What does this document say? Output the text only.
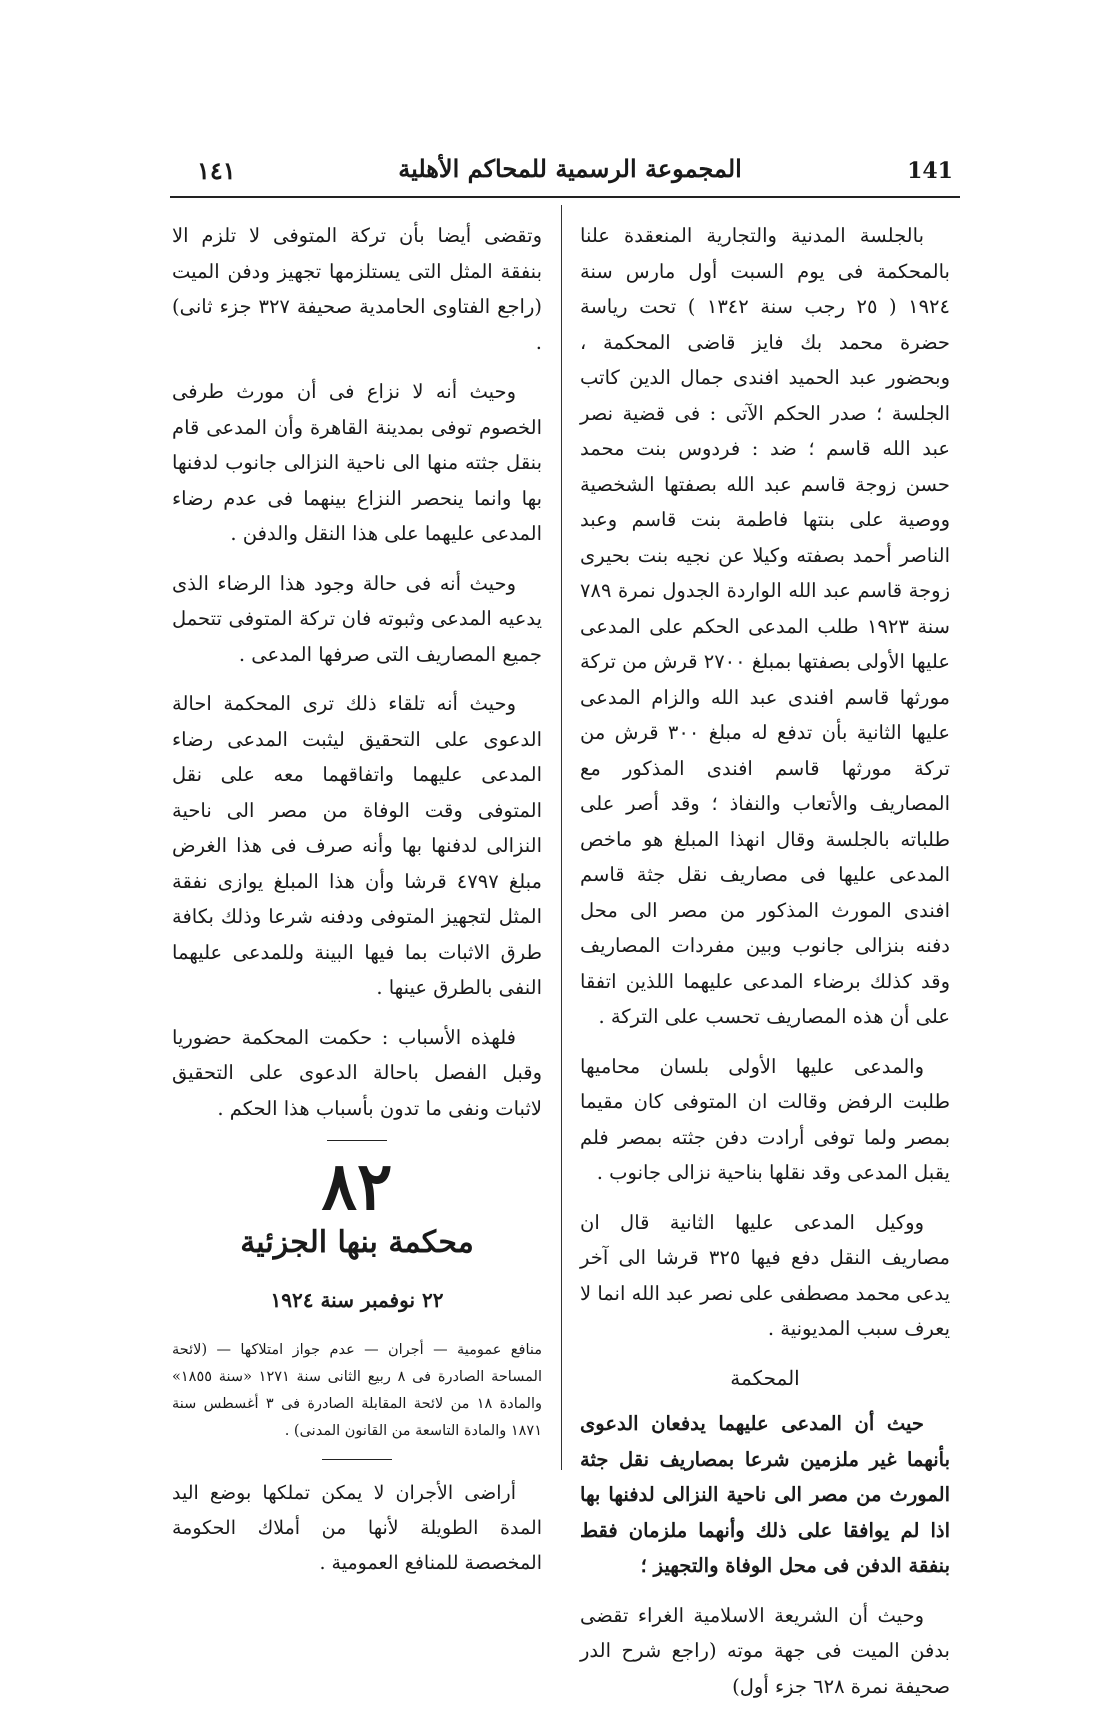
١٤١	المجموعة الرسمية للمحاكم الأهلية	141

بالجلسة المدنية والتجارية المنعقدة علنا بالمحكمة فى يوم السبت أول مارس سنة ١٩٢٤ ( ٢٥ رجب سنة ١٣٤٢ ) تحت رياسة حضرة محمد بك فايز قاضى المحكمة ، وبحضور عبد الحميد افندى جمال الدين كاتب الجلسة ؛ صدر الحكم الآتى : فى قضية نصر عبد الله قاسم ؛ ضد : فردوس بنت محمد حسن زوجة قاسم عبد الله بصفتها الشخصية ووصية على بنتها فاطمة بنت قاسم وعبد الناصر أحمد بصفته وكيلا عن نجيه بنت بحيرى زوجة قاسم عبد الله الواردة الجدول نمرة ٧٨٩ سنة ١٩٢٣ طلب المدعى الحكم على المدعى عليها الأولى بصفتها بمبلغ ٢٧٠٠ قرش من تركة مورثها قاسم افندى عبد الله والزام المدعى عليها الثانية بأن تدفع له مبلغ ٣٠٠ قرش من تركة مورثها قاسم افندى المذكور مع المصاريف والأتعاب والنفاذ ؛ وقد أصر على طلباته بالجلسة وقال انهذا المبلغ هو ماخص المدعى عليها فى مصاريف نقل جثة قاسم افندى المورث المذكور من مصر الى محل دفنه بنزالى جانوب وبين مفردات المصاريف وقد كذلك برضاء المدعى عليهما اللذين اتفقا على أن هذه المصاريف تحسب على التركة .

والمدعى عليها الأولى بلسان محاميها طلبت الرفض وقالت ان المتوفى كان مقيما بمصر ولما توفى أرادت دفن جثته بمصر فلم يقبل المدعى وقد نقلها بناحية نزالى جانوب .

ووكيل المدعى عليها الثانية قال ان مصاريف النقل دفع فيها ٣٢٥ قرشا الى آخر يدعى محمد مصطفى على نصر عبد الله انما لا يعرف سبب المديونية .

المحكمة

حيث أن المدعى عليهما يدفعان الدعوى بأنهما غير ملزمين شرعا بمصاريف نقل جثة المورث من مصر الى ناحية النزالى لدفنها بها اذا لم يوافقا على ذلك وأنهما ملزمان فقط بنفقة الدفن فى محل الوفاة والتجهيز ؛

وحيث أن الشريعة الاسلامية الغراء تقضى بدفن الميت فى جهة موته (راجع شرح الدر صحيفة نمرة ٦٢٨ جزء أول)

وتقضى أيضا بأن تركة المتوفى لا تلزم الا بنفقة المثل التى يستلزمها تجهيز ودفن الميت (راجع الفتاوى الحامدية صحيفة ٣٢٧ جزء ثانى) .

وحيث أنه لا نزاع فى أن مورث طرفى الخصوم توفى بمدينة القاهرة وأن المدعى قام بنقل جثته منها الى ناحية النزالى جانوب لدفنها بها وانما ينحصر النزاع بينهما فى عدم رضاء المدعى عليهما على هذا النقل والدفن .

وحيث أنه فى حالة وجود هذا الرضاء الذى يدعيه المدعى وثبوته فان تركة المتوفى تتحمل جميع المصاريف التى صرفها المدعى .

وحيث أنه تلقاء ذلك ترى المحكمة احالة الدعوى على التحقيق ليثبت المدعى رضاء المدعى عليهما واتفاقهما معه على نقل المتوفى وقت الوفاة من مصر الى ناحية النزالى لدفنها بها وأنه صرف فى هذا الغرض مبلغ ٤٧٩٧ قرشا وأن هذا المبلغ يوازى نفقة المثل لتجهيز المتوفى ودفنه شرعا وذلك بكافة طرق الاثبات بما فيها البينة وللمدعى عليهما النفى بالطرق عينها .

فلهذه الأسباب : حكمت المحكمة حضوريا وقبل الفصل باحالة الدعوى على التحقيق لاثبات ونفى ما تدون بأسباب هذا الحكم .

٨٢
محكمة بنها الجزئية
٢٢ نوفمبر سنة ١٩٢٤

منافع عمومية — أجران — عدم جواز امتلاكها — (لائحة المساحة الصادرة فى ٨ ربيع الثانى سنة ١٢٧١ «سنة ١٨٥٥» والمادة ١٨ من لائحة المقابلة الصادرة فى ٣ أغسطس سنة ١٨٧١ والمادة التاسعة من القانون المدنى) .

أراضى الأجران لا يمكن تملكها بوضع اليد المدة الطويلة لأنها من أملاك الحكومة المخصصة للمنافع العمومية .
